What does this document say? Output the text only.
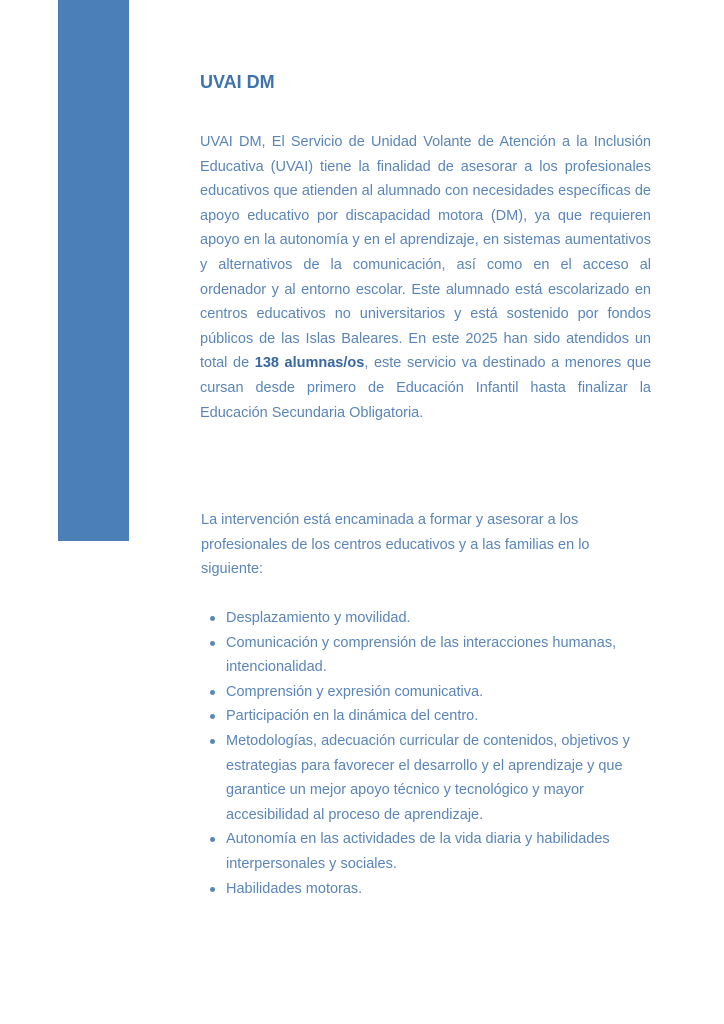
UVAI DM

UVAI DM, El Servicio de Unidad Volante de Atención a la Inclusión Educativa (UVAI) tiene la finalidad de asesorar a los profesionales educativos que atienden al alumnado con necesidades específicas de apoyo educativo por discapacidad motora (DM), ya que requieren apoyo en la autonomía y en el aprendizaje, en sistemas aumentativos y alternativos de la comunicación, así como en el acceso al ordenador y al entorno escolar. Este alumnado está escolarizado en centros educativos no universitarios y está sostenido por fondos públicos de las Islas Baleares. En este 2025 han sido atendidos un total de 138 alumnas/os, este servicio va destinado a menores que cursan desde primero de Educación Infantil hasta finalizar la Educación Secundaria Obligatoria.

La intervención está encaminada a formar y asesorar a los profesionales de los centros educativos y a las familias en lo siguiente:

Desplazamiento y movilidad.
Comunicación y comprensión de las interacciones humanas, intencionalidad.
Comprensión y expresión comunicativa.
Participación en la dinámica del centro.
Metodologías, adecuación curricular de contenidos, objetivos y estrategias para favorecer el desarrollo y el aprendizaje y que garantice un mejor apoyo técnico y tecnológico y mayor accesibilidad al proceso de aprendizaje.
Autonomía en las actividades de la vida diaria y habilidades interpersonales y sociales.
Habilidades motoras.
